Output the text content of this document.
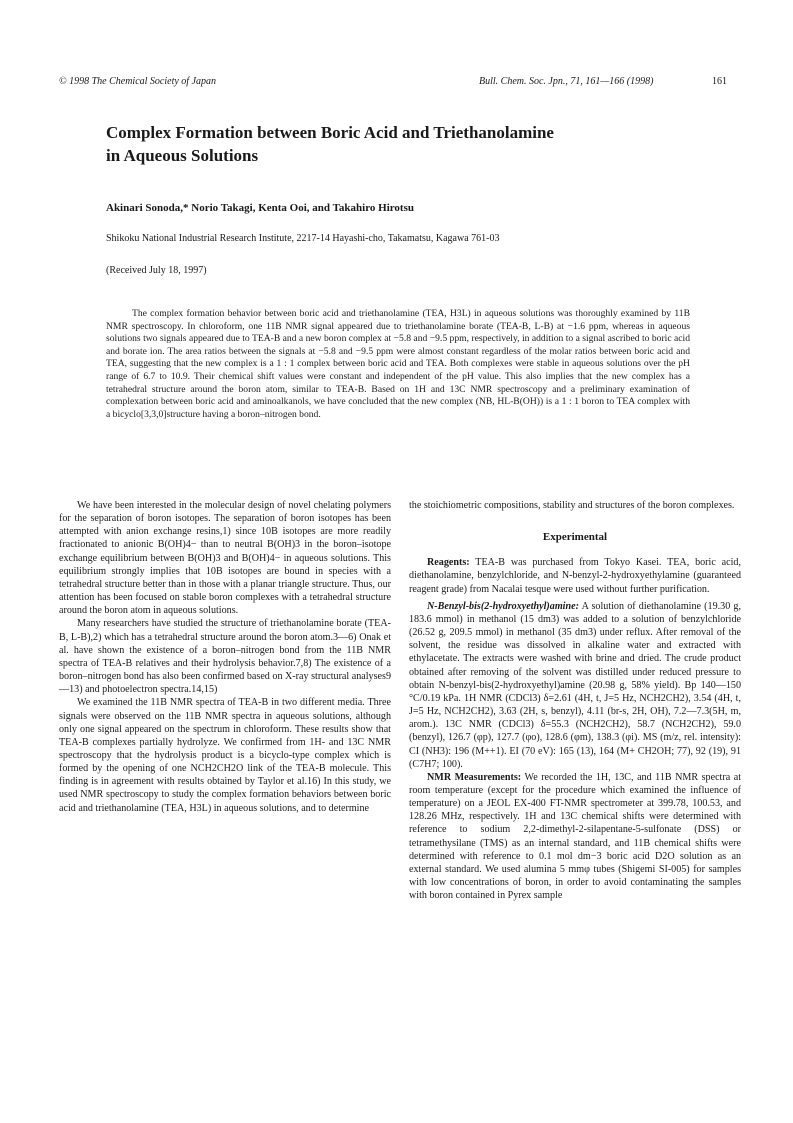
© 1998 The Chemical Society of Japan	Bull. Chem. Soc. Jpn., 71, 161—166 (1998)	161
Complex Formation between Boric Acid and Triethanolamine
in Aqueous Solutions
Akinari Sonoda,* Norio Takagi, Kenta Ooi, and Takahiro Hirotsu
Shikoku National Industrial Research Institute, 2217-14 Hayashi-cho, Takamatsu, Kagawa 761-03
(Received July 18, 1997)

The complex formation behavior between boric acid and triethanolamine (TEA, H3L) in aqueous solutions was thoroughly examined by 11B NMR spectroscopy. In chloroform, one 11B NMR signal appeared due to triethanolamine borate (TEA-B, L-B) at −1.6 ppm, whereas in aqueous solutions two signals appeared due to TEA-B and a new boron complex at −5.8 and −9.5 ppm, respectively, in addition to a signal ascribed to boric acid and borate ion. The area ratios between the signals at −5.8 and −9.5 ppm were almost constant regardless of the molar ratios between boric acid and TEA, suggesting that the new complex is a 1 : 1 complex between boric acid and TEA. Both complexes were stable in aqueous solutions over the pH range of 6.7 to 10.9. Their chemical shift values were constant and independent of the pH value. This also implies that the new complex has a tetrahedral structure around the boron atom, similar to TEA-B. Based on 1H and 13C NMR spectroscopy and a preliminary examination of complexation between boric acid and aminoalkanols, we have concluded that the new complex (NB, HL-B(OH)) is a 1 : 1 boron to TEA complex with a bicyclo[3,3,0]structure having a boron–nitrogen bond.

We have been interested in the molecular design of novel chelating polymers for the separation of boron isotopes. The separation of boron isotopes has been attempted with anion exchange resins,1) since 10B isotopes are more readily fractionated to anionic B(OH)4− than to neutral B(OH)3 in the boron–isotope exchange equilibrium between B(OH)3 and B(OH)4− in aqueous solutions. This equilibrium strongly implies that 10B isotopes are bound in species with a tetrahedral structure better than in those with a planar triangle structure. Thus, our attention has been focused on stable boron complexes with a tetrahedral structure around the boron atom in aqueous solutions.

Many researchers have studied the structure of triethanolamine borate (TEA-B, L-B),2) which has a tetrahedral structure around the boron atom.3—6) Onak et al. have shown the existence of a boron–nitrogen bond from the 11B NMR spectra of TEA-B relatives and their hydrolysis behavior.7,8) The existence of a boron–nitrogen bond has also been confirmed based on X-ray structural analyses9—13) and photoelectron spectra.14,15)

We examined the 11B NMR spectra of TEA-B in two different media. Three signals were observed on the 11B NMR spectra in aqueous solutions, although only one signal appeared on the spectrum in chloroform. These results show that TEA-B complexes partially hydrolyze. We confirmed from 1H- and 13C NMR spectroscopy that the hydrolysis product is a bicyclo-type complex which is formed by the opening of one NCH2CH2O link of the TEA-B molecule. This finding is in agreement with results obtained by Taylor et al.16) In this study, we used NMR spectroscopy to study the complex formation behaviors between boric acid and triethanolamine (TEA, H3L) in aqueous solutions, and to determine

the stoichiometric compositions, stability and structures of the boron complexes.

Experimental

Reagents: TEA-B was purchased from Tokyo Kasei. TEA, boric acid, diethanolamine, benzylchloride, and N-benzyl-2-hydroxyethylamine (guaranteed reagent grade) from Nacalai tesque were used without further purification.

N-Benzyl-bis(2-hydroxyethyl)amine: A solution of diethanolamine (19.30 g, 183.6 mmol) in methanol (15 dm3) was added to a solution of benzylchloride (26.52 g, 209.5 mmol) in methanol (35 dm3) under reflux. After removal of the solvent, the residue was dissolved in alkaline water and extracted with ethylacetate. The extracts were washed with brine and dried. The crude product obtained after removing of the solvent was distilled under reduced pressure to obtain N-benzyl-bis(2-hydroxyethyl)amine (20.98 g, 58% yield). Bp 140—150 °C/0.19 kPa. 1H NMR (CDCl3) δ=2.61 (4H, t, J=5 Hz, NCH2CH2), 3.54 (4H, t, J=5 Hz, NCH2CH2), 3.63 (2H, s, benzyl), 4.11 (br-s, 2H, OH), 7.2—7.3(5H, m, arom.). 13C NMR (CDCl3) δ=55.3 (NCH2CH2), 58.7 (NCH2CH2), 59.0 (benzyl), 126.7 (φp), 127.7 (φo), 128.6 (φm), 138.3 (φi). MS (m/z, rel. intensity): CI (NH3): 196 (M++1). EI (70 eV): 165 (13), 164 (M+ CH2OH; 77), 92 (19), 91 (C7H7; 100).

NMR Measurements: We recorded the 1H, 13C, and 11B NMR spectra at room temperature (except for the procedure which examined the influence of temperature) on a JEOL EX-400 FT-NMR spectrometer at 399.78, 100.53, and 128.26 MHz, respectively. 1H and 13C chemical shifts were determined with reference to sodium 2,2-dimethyl-2-silapentane-5-sulfonate (DSS) or tetramethysilane (TMS) as an internal standard, and 11B chemical shifts were determined with reference to 0.1 mol dm−3 boric acid D2O solution as an external standard. We used alumina 5 mmφ tubes (Shigemi SI-005) for samples with low concentrations of boron, in order to avoid contaminating the samples with boron contained in Pyrex sample
